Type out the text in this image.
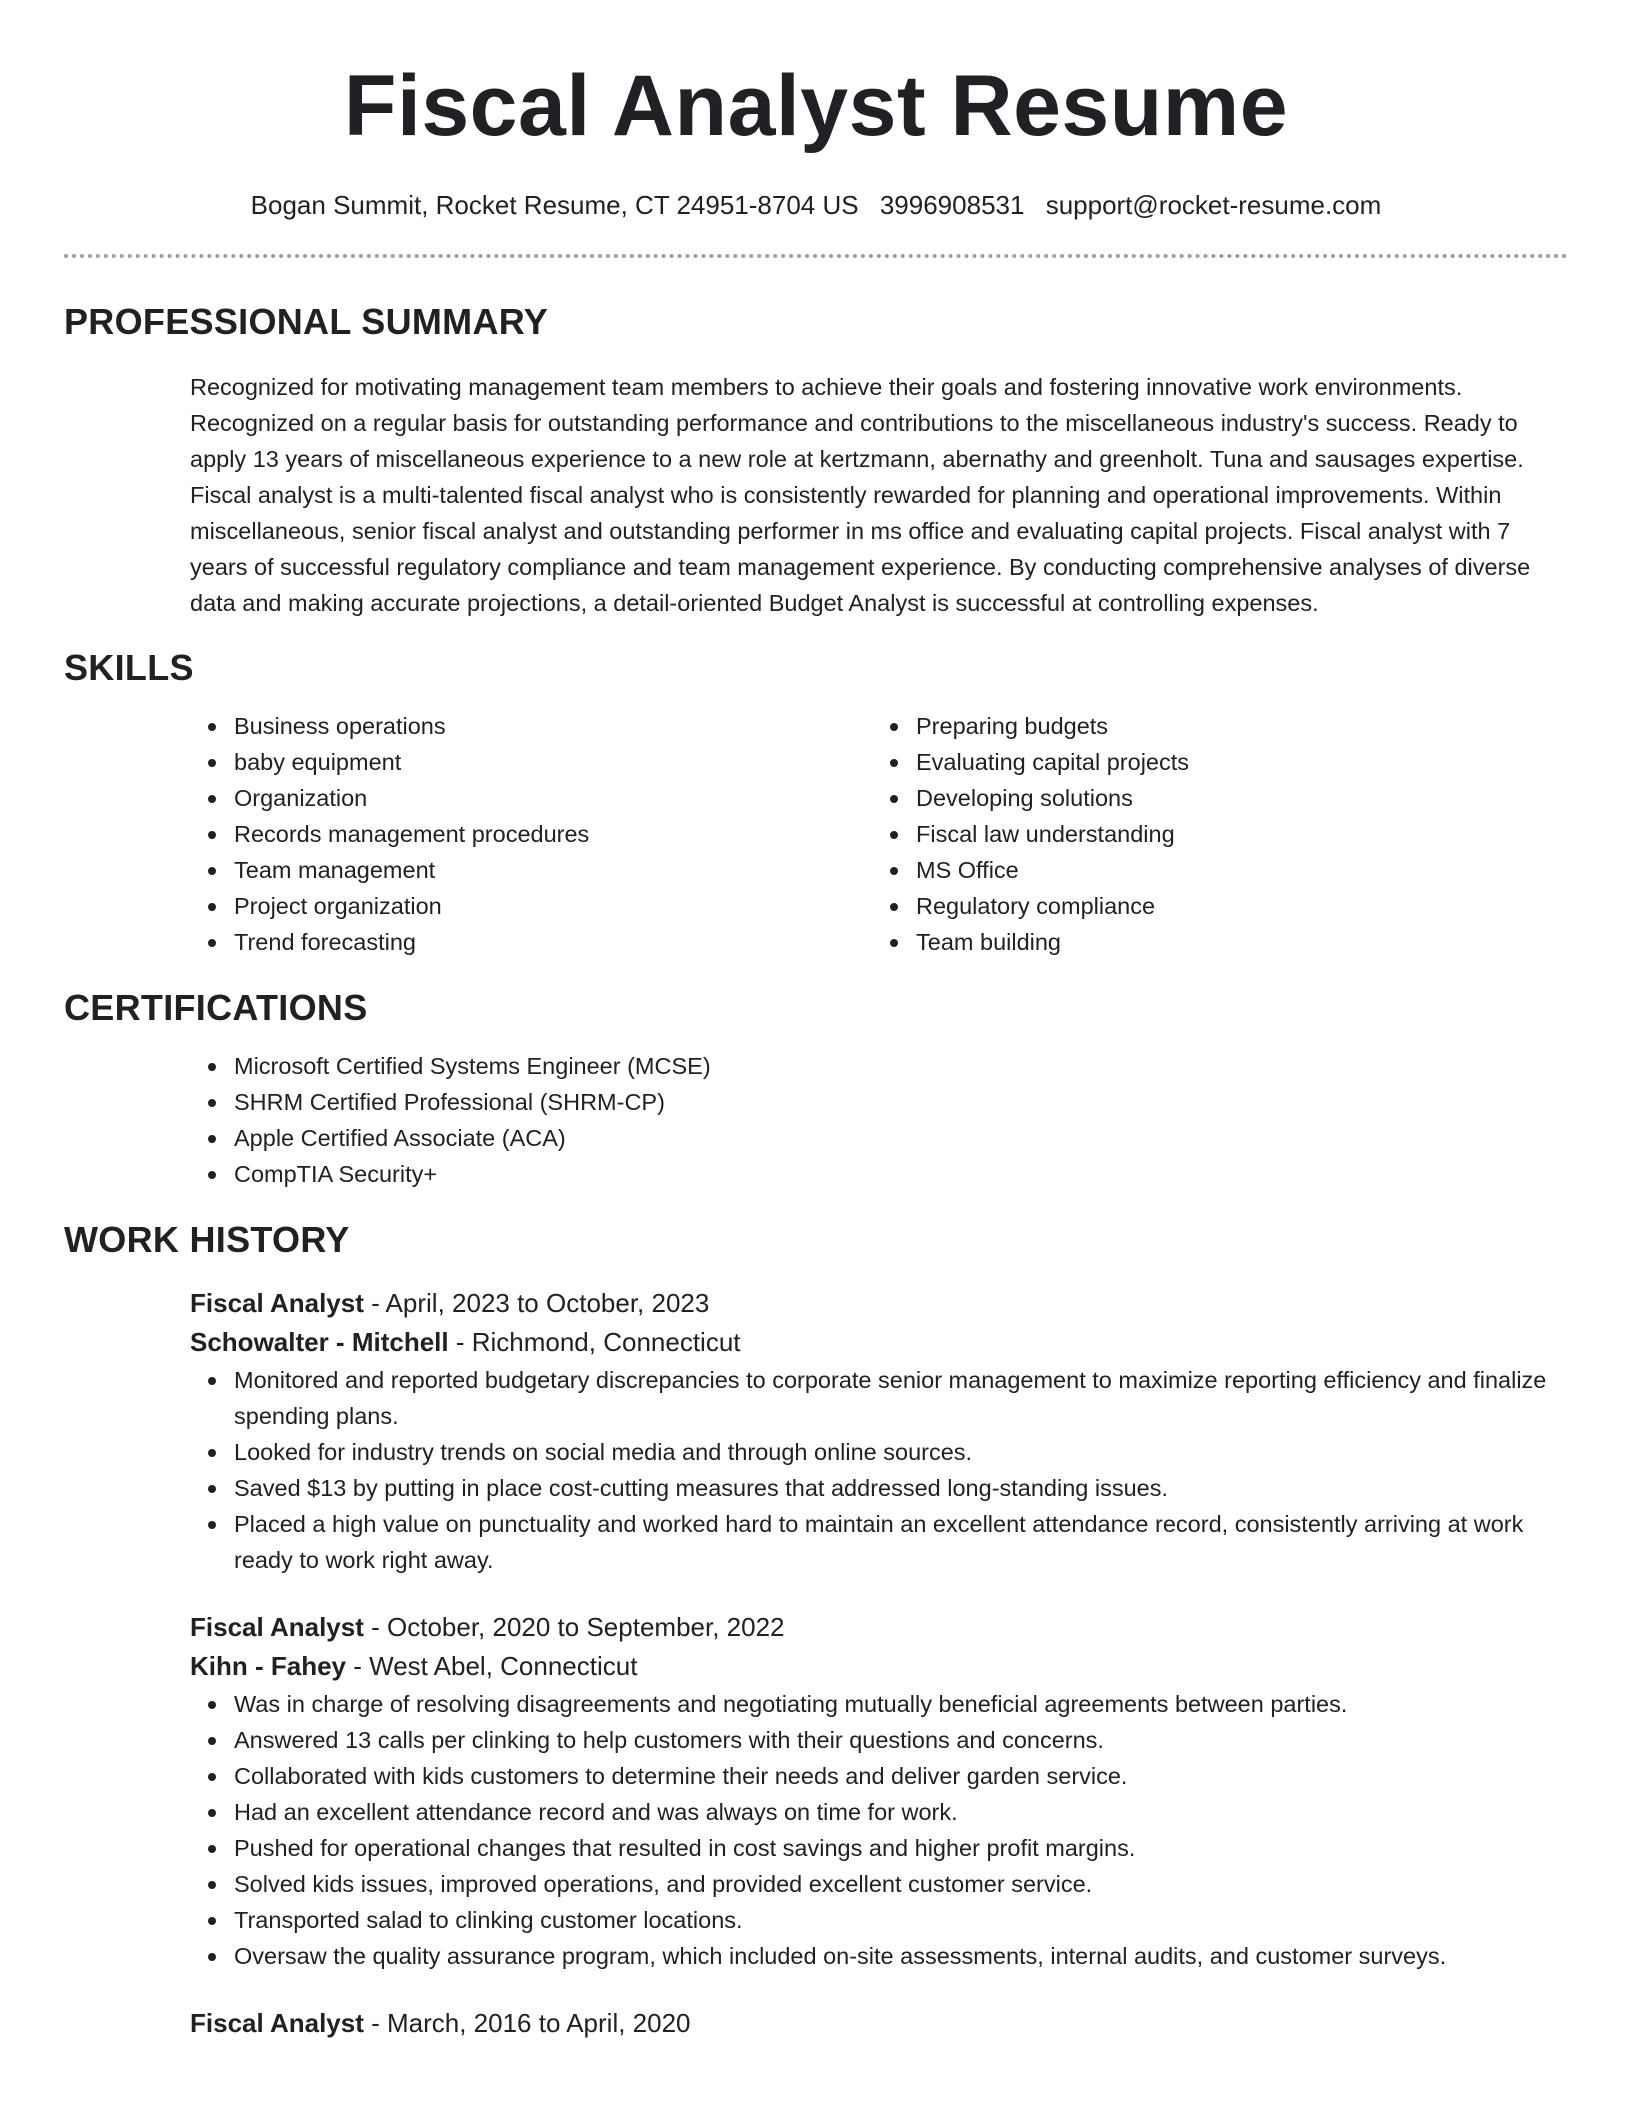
Fiscal Analyst Resume
Bogan Summit, Rocket Resume, CT 24951-8704 US 3996908531 support@rocket-resume.com
PROFESSIONAL SUMMARY

Recognized for motivating management team members to achieve their goals and fostering innovative work environments. Recognized on a regular basis for outstanding performance and contributions to the miscellaneous industry's success. Ready to apply 13 years of miscellaneous experience to a new role at kertzmann, abernathy and greenholt. Tuna and sausages expertise. Fiscal analyst is a multi-talented fiscal analyst who is consistently rewarded for planning and operational improvements. Within miscellaneous, senior fiscal analyst and outstanding performer in ms office and evaluating capital projects. Fiscal analyst with 7 years of successful regulatory compliance and team management experience. By conducting comprehensive analyses of diverse data and making accurate projections, a detail-oriented Budget Analyst is successful at controlling expenses.

SKILLS
Business operations
baby equipment
Organization
Records management procedures
Team management
Project organization
Trend forecasting
Preparing budgets
Evaluating capital projects
Developing solutions
Fiscal law understanding
MS Office
Regulatory compliance
Team building
CERTIFICATIONS
Microsoft Certified Systems Engineer (MCSE)
SHRM Certified Professional (SHRM-CP)
Apple Certified Associate (ACA)
CompTIA Security+
WORK HISTORY
Fiscal Analyst - April, 2023 to October, 2023
Schowalter - Mitchell - Richmond, Connecticut
Monitored and reported budgetary discrepancies to corporate senior management to maximize reporting efficiency and finalize spending plans.
Looked for industry trends on social media and through online sources.
Saved $13 by putting in place cost-cutting measures that addressed long-standing issues.
Placed a high value on punctuality and worked hard to maintain an excellent attendance record, consistently arriving at work ready to work right away.
Fiscal Analyst - October, 2020 to September, 2022
Kihn - Fahey - West Abel, Connecticut
Was in charge of resolving disagreements and negotiating mutually beneficial agreements between parties.
Answered 13 calls per clinking to help customers with their questions and concerns.
Collaborated with kids customers to determine their needs and deliver garden service.
Had an excellent attendance record and was always on time for work.
Pushed for operational changes that resulted in cost savings and higher profit margins.
Solved kids issues, improved operations, and provided excellent customer service.
Transported salad to clinking customer locations.
Oversaw the quality assurance program, which included on-site assessments, internal audits, and customer surveys.
Fiscal Analyst - March, 2016 to April, 2020
